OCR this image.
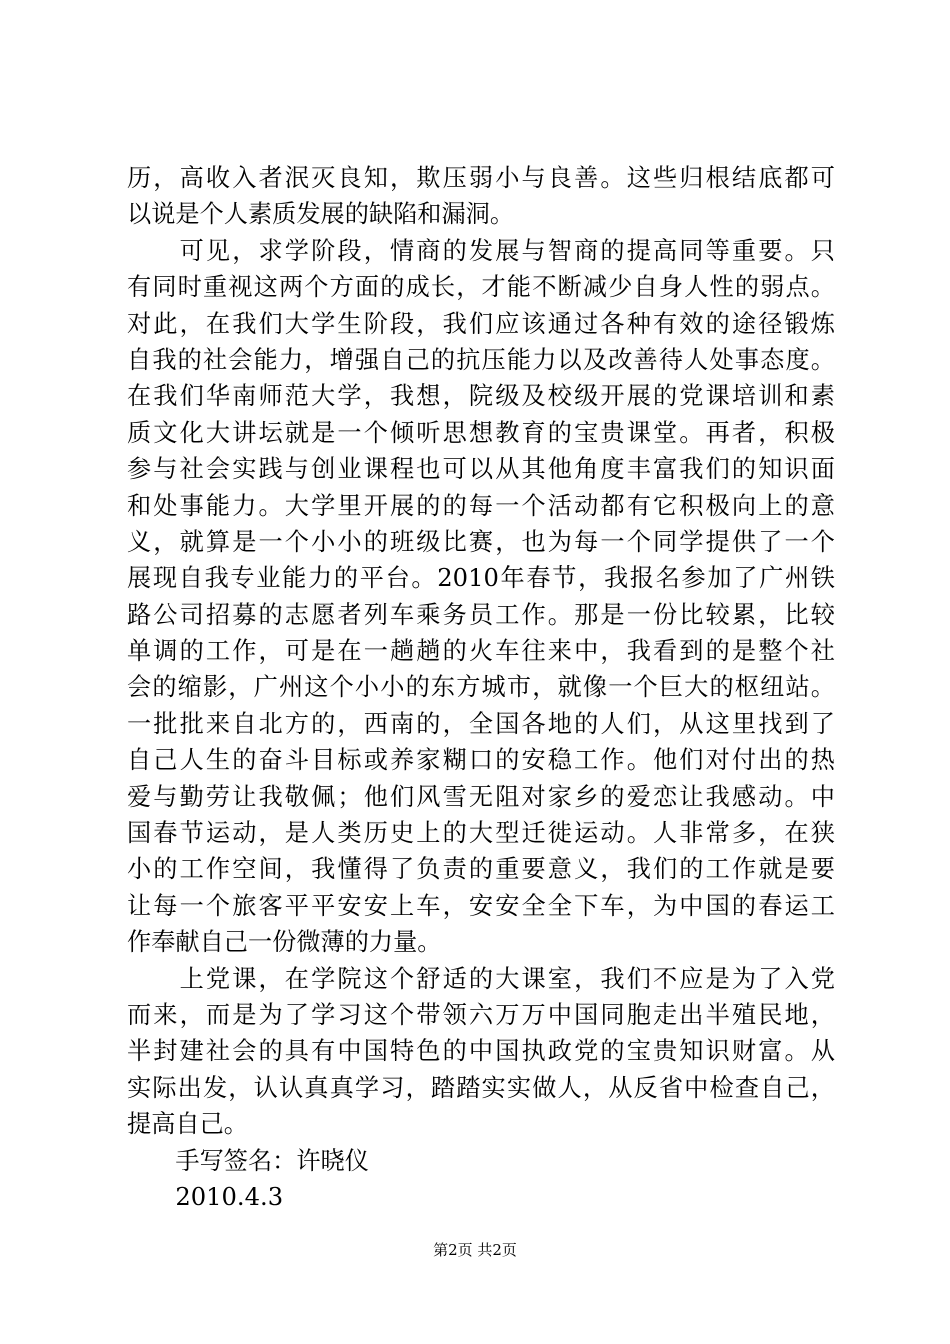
历，高收入者泯灭良知，欺压弱小与良善。这些归根结底都可
以说是个人素质发展的缺陷和漏洞。
　　可见，求学阶段，情商的发展与智商的提高同等重要。只
有同时重视这两个方面的成长，才能不断减少自身人性的弱点。
对此，在我们大学生阶段，我们应该通过各种有效的途径锻炼
自我的社会能力，增强自己的抗压能力以及改善待人处事态度。
在我们华南师范大学，我想，院级及校级开展的党课培训和素
质文化大讲坛就是一个倾听思想教育的宝贵课堂。再者，积极
参与社会实践与创业课程也可以从其他角度丰富我们的知识面
和处事能力。大学里开展的的每一个活动都有它积极向上的意
义，就算是一个小小的班级比赛，也为每一个同学提供了一个
展现自我专业能力的平台。2010年春节，我报名参加了广州铁
路公司招募的志愿者列车乘务员工作。那是一份比较累，比较
单调的工作，可是在一趟趟的火车往来中，我看到的是整个社
会的缩影，广州这个小小的东方城市，就像一个巨大的枢纽站。
一批批来自北方的，西南的，全国各地的人们，从这里找到了
自己人生的奋斗目标或养家糊口的安稳工作。他们对付出的热
爱与勤劳让我敬佩；他们风雪无阻对家乡的爱恋让我感动。中
国春节运动，是人类历史上的大型迁徙运动。人非常多，在狭
小的工作空间，我懂得了负责的重要意义，我们的工作就是要
让每一个旅客平平安安上车，安安全全下车，为中国的春运工
作奉献自己一份微薄的力量。
　　上党课，在学院这个舒适的大课室，我们不应是为了入党
而来，而是为了学习这个带领六万万中国同胞走出半殖民地，
半封建社会的具有中国特色的中国执政党的宝贵知识财富。从
实际出发，认认真真学习，踏踏实实做人，从反省中检查自己，
提高自己。
　　手写签名：许晓仪
　　2010.4.3
第2页 共2页
